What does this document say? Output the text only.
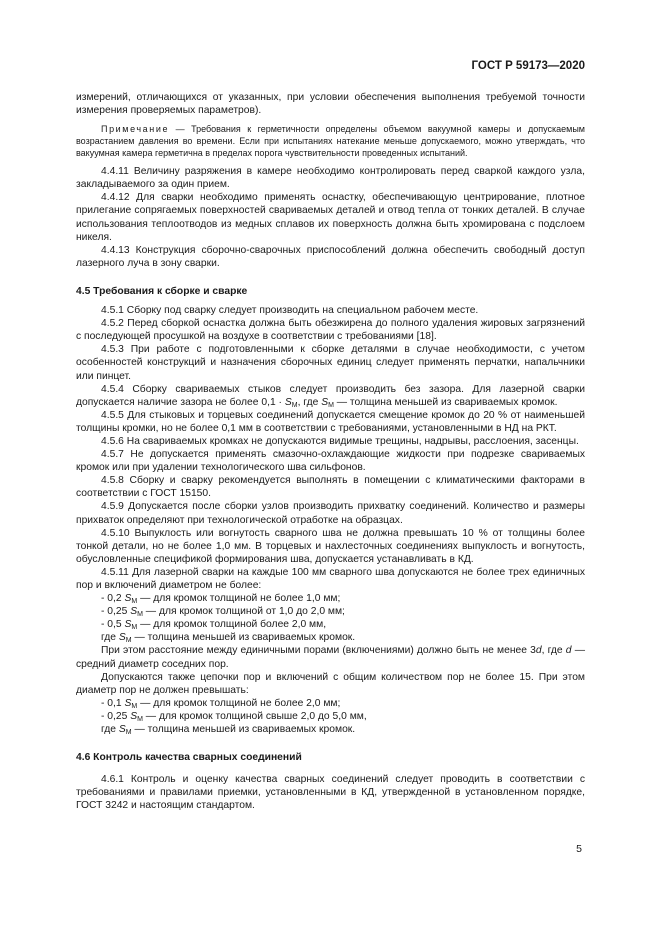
ГОСТ Р 59173—2020

измерений, отличающихся от указанных, при условии обеспечения выполнения требуемой точности измерения проверяемых параметров).

Примечание — Требования к герметичности определены объемом вакуумной камеры и допускаемым возрастанием давления во времени. Если при испытаниях натекание меньше допускаемого, можно утверждать, что вакуумная камера герметична в пределах порога чувствительности проведенных испытаний.

4.4.11 Величину разряжения в камере необходимо контролировать перед сваркой каждого узла, закладываемого за один прием.

4.4.12 Для сварки необходимо применять оснастку, обеспечивающую центрирование, плотное прилегание сопрягаемых поверхностей свариваемых деталей и отвод тепла от тонких деталей. В случае использования теплоотводов из медных сплавов их поверхность должна быть хромирована с подслоем никеля.

4.4.13 Конструкция сборочно-сварочных приспособлений должна обеспечить свободный доступ лазерного луча в зону сварки.

4.5 Требования к сборке и сварке

4.5.1 Сборку под сварку следует производить на специальном рабочем месте.

4.5.2 Перед сборкой оснастка должна быть обезжирена до полного удаления жировых загрязнений с последующей просушкой на воздухе в соответствии с требованиями [18].

4.5.3 При работе с подготовленными к сборке деталями в случае необходимости, с учетом особенностей конструкций и назначения сборочных единиц следует применять перчатки, напальчники или пинцет.

4.5.4 Сборку свариваемых стыков следует производить без зазора. Для лазерной сварки допускается наличие зазора не более $0,1 \cdot S_M$, где $S_M$ — толщина меньшей из свариваемых кромок.

4.5.5 Для стыковых и торцевых соединений допускается смещение кромок до 20 % от наименьшей толщины кромки, но не более 0,1 мм в соответствии с требованиями, установленными в НД на РКТ.

4.5.6 На свариваемых кромках не допускаются видимые трещины, надрывы, расслоения, засенцы.

4.5.7 Не допускается применять смазочно-охлаждающие жидкости при подрезке свариваемых кромок или при удалении технологического шва сильфонов.

4.5.8 Сборку и сварку рекомендуется выполнять в помещении с климатическими факторами в соответствии с ГОСТ 15150.

4.5.9 Допускается после сборки узлов производить прихватку соединений. Количество и размеры прихваток определяют при технологической отработке на образцах.

4.5.10 Выпуклость или вогнутость сварного шва не должна превышать 10 % от толщины более тонкой детали, но не более 1,0 мм. В торцевых и нахлесточных соединениях выпуклость и вогнутость, обусловленные спецификой формирования шва, допускается устанавливать в КД.

4.5.11 Для лазерной сварки на каждые 100 мм сварного шва допускаются не более трех единичных пор и включений диаметром не более:

- 0,2 $S_M$ — для кромок толщиной не более 1,0 мм;

- 0,25 $S_M$ — для кромок толщиной от 1,0 до 2,0 мм;

- 0,5 $S_M$ — для кромок толщиной более 2,0 мм,

где $S_M$ — толщина меньшей из свариваемых кромок.

При этом расстояние между единичными порами (включениями) должно быть не менее 3d, где d — средний диаметр соседних пор.

Допускаются также цепочки пор и включений с общим количеством пор не более 15. При этом диаметр пор не должен превышать:

- 0,1 $S_M$ — для кромок толщиной не более 2,0 мм;

- 0,25 $S_M$ — для кромок толщиной свыше 2,0 до 5,0 мм,

где $S_M$ — толщина меньшей из свариваемых кромок.

4.6 Контроль качества сварных соединений

4.6.1 Контроль и оценку качества сварных соединений следует проводить в соответствии с требованиями и правилами приемки, установленными в КД, утвержденной в установленном порядке, ГОСТ 3242 и настоящим стандартом.

5
